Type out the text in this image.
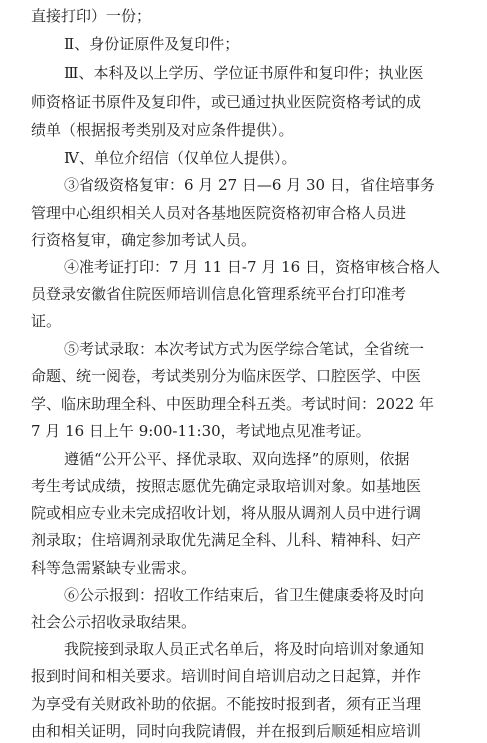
直接打印）一份；
Ⅱ、身份证原件及复印件；
Ⅲ、本科及以上学历、学位证书原件和复印件；执业医
师资格证书原件及复印件，或已通过执业医院资格考试的成
绩单（根据报考类别及对应条件提供）。
Ⅳ、单位介绍信（仅单位人提供）。
③省级资格复审：6 月 27 日—6 月 30 日，省住培事务
管理中心组织相关人员对各基地医院资格初审合格人员进
行资格复审，确定参加考试人员。
④准考证打印：7 月 11 日-7 月 16 日，资格审核合格人
员登录安徽省住院医师培训信息化管理系统平台打印准考
证。
⑤考试录取：本次考试方式为医学综合笔试，全省统一
命题、统一阅卷，考试类别分为临床医学、口腔医学、中医
学、临床助理全科、中医助理全科五类。考试时间：2022 年
7 月 16 日上午 9:00-11:30，考试地点见准考证。
遵循“公开公平、择优录取、双向选择”的原则，依据
考生考试成绩，按照志愿优先确定录取培训对象。如基地医
院或相应专业未完成招收计划，将从服从调剂人员中进行调
剂录取；住培调剂录取优先满足全科、儿科、精神科、妇产
科等急需紧缺专业需求。
⑥公示报到：招收工作结束后，省卫生健康委将及时向
社会公示招收录取结果。
我院接到录取人员正式名单后，将及时向培训对象通知
报到时间和相关要求。培训时间自培训启动之日起算，并作
为享受有关财政补助的依据。不能按时报到者，须有正当理
由和相关证明，同时向我院请假，并在报到后顺延相应培训
